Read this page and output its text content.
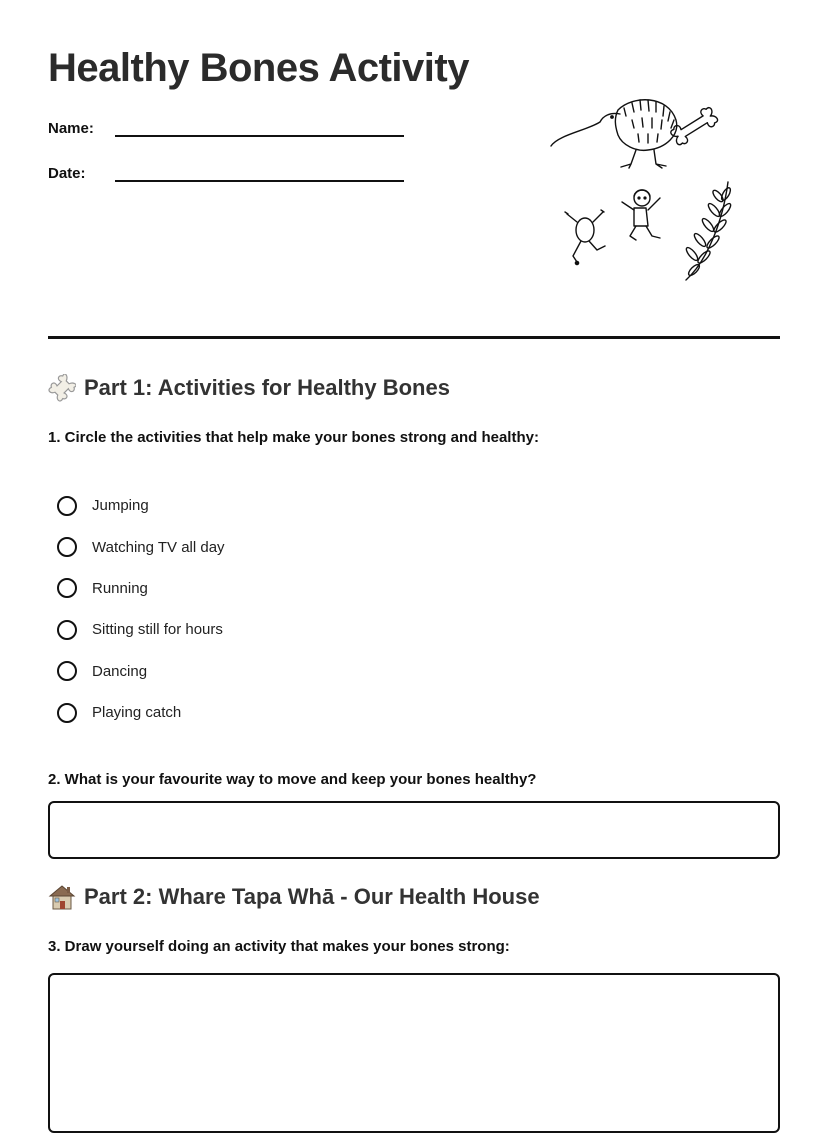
Healthy Bones Activity
Name:
Date:
Part 1: Activities for Healthy Bones
1. Circle the activities that help make your bones strong and healthy:
Jumping
Watching TV all day
Running
Sitting still for hours
Dancing
Playing catch
2. What is your favourite way to move and keep your bones healthy?
Part 2: Whare Tapa Whā - Our Health House
3. Draw yourself doing an activity that makes your bones strong:
